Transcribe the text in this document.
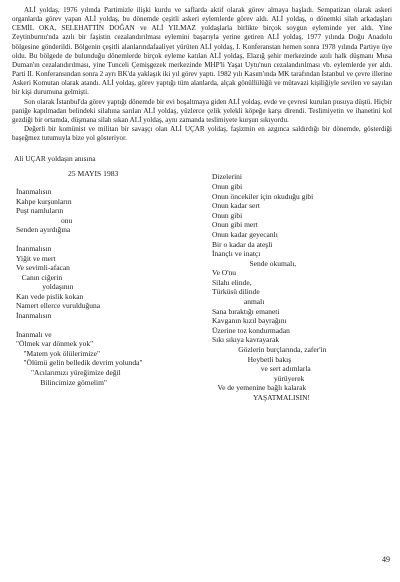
ALİ yoldaş, 1976 yılında Partimizle ilişki kurdu ve saflarda aktif olarak görev almaya başladı. Sempatizan olarak askeri organlarda görev yapan ALİ yoldaş, bu dönemde çeşitli askeri eylemlerde görev aldı. ALİ yoldaş, o dönemki silah arkadaşları CEMİL OKA, SELEHATTİN DOĞAN ve ALİ YILMAZ yoldaşlarla birlikte birçok soygun eyleminde yer aldı. Yine Zeytinburnu'nda azılı bir faşistin cezalandırılması eylemini başarıyla yerine getiren ALİ yoldaş, 1977 yılında Doğu Anadolu bölgesine gönderildi. Bölgenin çeşitli alanlarındafaaliyet yürüten ALİ yoldaş, I. Konferanstan hemen sonra 1978 yılında Partiye üye oldu. Bu bölgede de bulunduğu dönemlerde birçok eyleme katılan ALİ yoldaş, Elazığ şehir merkezinde azılı halk düşmanı Musa Duman'ın cezalandırılması, yine Tunceli Çemişgezek merkezinde MHP'li Yaşat Uytu'nun cezalandırılması vb. eylemlerde yer aldı. Parti II. Konferansından sonra 2 ayrı BK'da yaklaşık iki yıl görev yaptı. 1982 yılı Kasım'ında MK tarafından İstanbul ve çevre illerine Askeri Komutan olarak atandı. ALİ yoldaş, görev yaptığı tüm alanlarda, alçak gönüllülüğü ve mütavazi kişiliğiyle sevilen ve sayılan bir kişi durumuna gelmişti.

Son olarak İstanbul'da görev yaptığı dönemde bir evi boşaltmaya giden ALİ yoldaş, evde ve çevresi kurulan pusuya düştü. Hiçbir paniğe kapılmadan belindeki silahına sarılan ALİ yoldaş, yüzlerce çelik yelekli köpeğe karşı direndi. Teslimiyetin ve ihanetini kol gezdiği bir ortamda, düşmana silah sıkan ALİ yoldaş, aynı zamanda teslimiyete kurşun sıkıyordu.

Değerli bir komünist ve militan bir savaşçı olan ALİ UÇAR yoldaş, faşizmin en azgınca saldırdığı bir dönemde, gösterdiği başeğmez tutumuyla bize yol gösteriyor.

Ali UÇAR yoldaşın anısına
25 MAYIS 1983
İnanmalısın
Kahpe kurşunların
Puşt namluların
onu
Senden ayırdığına
İnanmalısın
Yiğit ve mert
Ve sevimli-afacan
Canın ciğerin
yoldaşının
Kan vede pislik kokan
Namert ellerce vurulduğuna
İnanmalısın
İnanmalı ve
"Ölmek var dönmek yok"
"Matem yok ölülerimize"
"Ölümü gelin belledik devrim yolunda"
"Acılarımızı yüreğimize değil
Bilincimize gömelim"
Dizelerini
Onun gibi
Onun öncekiler için okuduğu gibi
Onun kadar sert
Onun gibi
Onun gibi mert
Onun kadar geyecanlı
Bir o kadar da ateşli
İnançlı ve inatçı
Sende okumalı,
Ve O'nu
Silahı elinde,
Türküsü dilinde
anmalı
Sana bıraktığı emaneti
Kavganın kızıl bayrağını
Üzerine toz kondurmadan
Sıkı sıkıya kavrayarak
Gözlerin burçlarında, zafer'in
Heybetli bakış
ve sert adımlarla
yürüyerek
Ve de yemenine bağlı kalarak
YAŞATMALISIN!
49
